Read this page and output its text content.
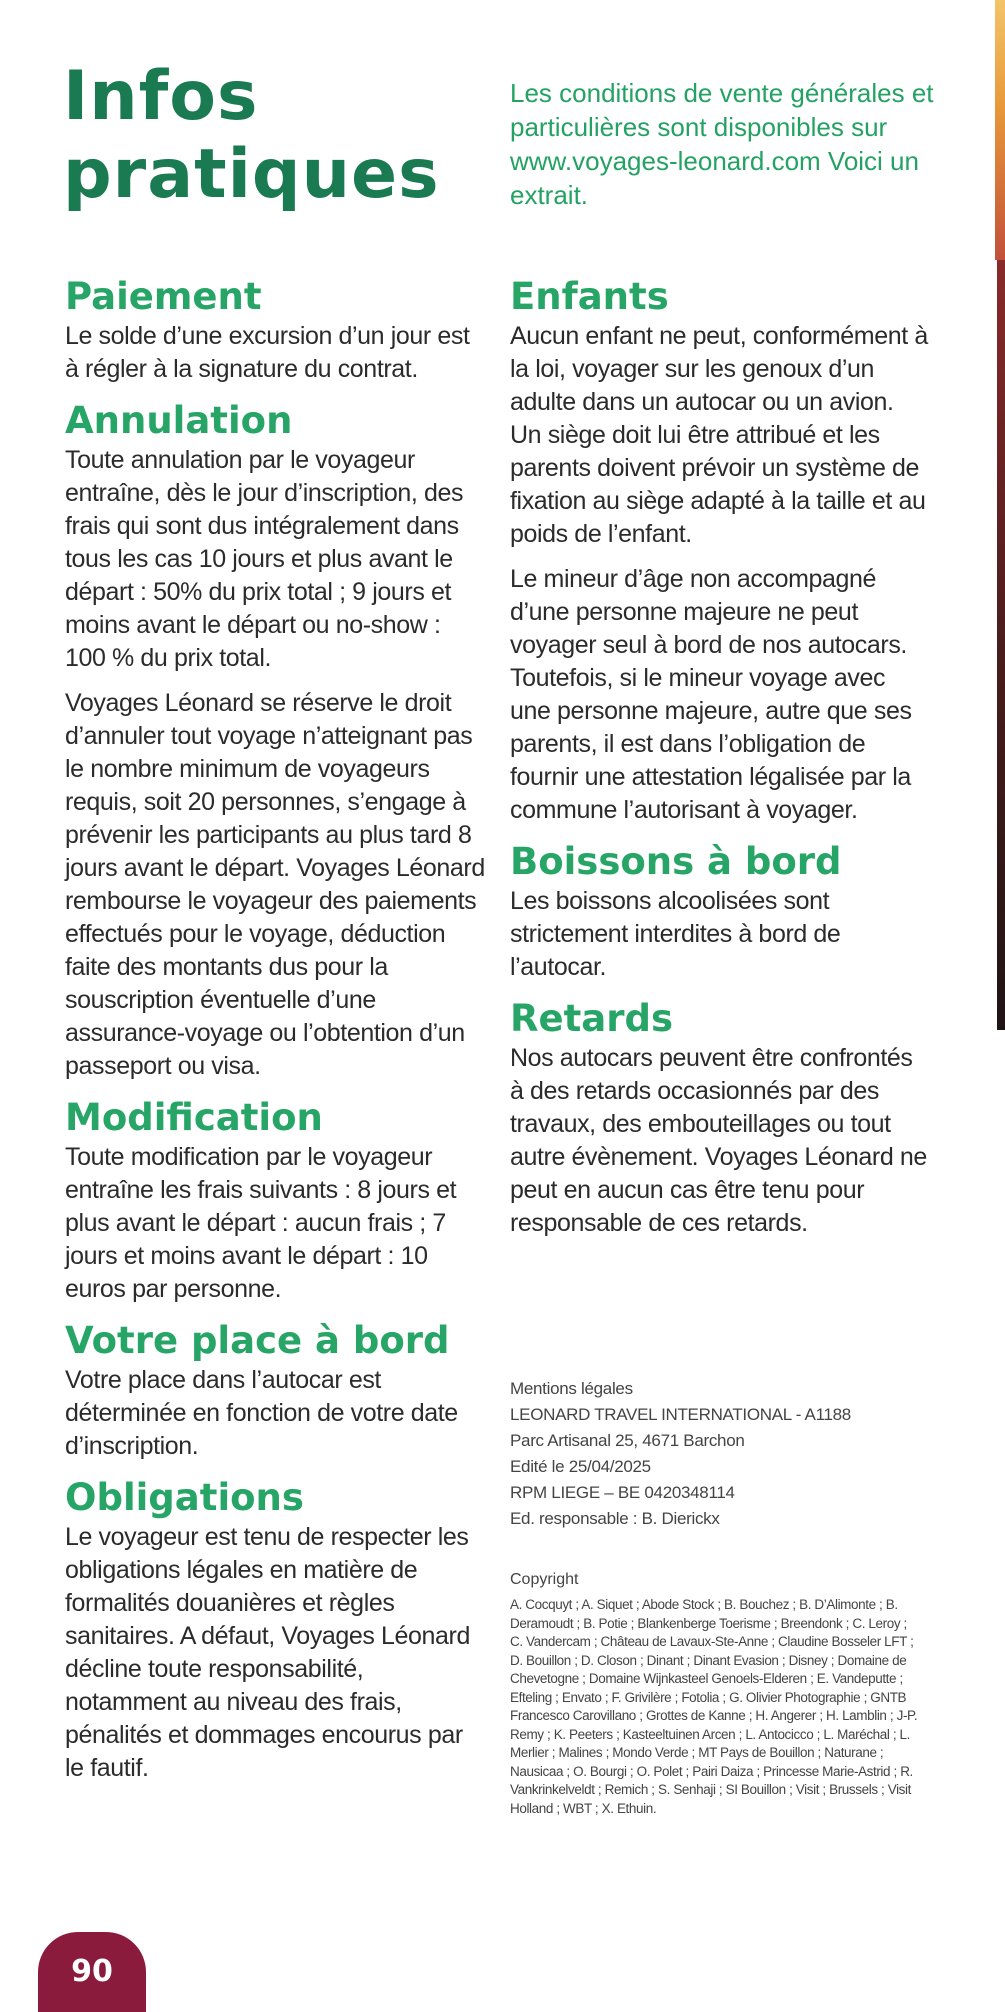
Infos
pratiques
Les conditions de vente générales et particulières sont disponibles sur www.voyages-leonard.com Voici un extrait.
Paiement

Le solde d’une excursion d’un jour est à régler à la signature du contrat.

Annulation

Toute annulation par le voyageur entraîne, dès le jour d’inscription, des frais qui sont dus intégralement dans tous les cas 10 jours et plus avant le départ : 50% du prix total ; 9 jours et moins avant le départ ou no-show : 100 % du prix total.

Voyages Léonard se réserve le droit d’annuler tout voyage n’atteignant pas le nombre minimum de voyageurs requis, soit 20 personnes, s’engage à prévenir les participants au plus tard 8 jours avant le départ. Voyages Léonard rembourse le voyageur des paiements effectués pour le voyage, déduction faite des montants dus pour la souscription éventuelle d’une assurance-voyage ou l’obtention d’un passeport ou visa.

Modification

Toute modification par le voyageur entraîne les frais suivants : 8 jours et plus avant le départ : aucun frais ; 7 jours et moins avant le départ : 10 euros par personne.

Votre place à bord

Votre place dans l’autocar est déterminée en fonction de votre date d’inscription.

Obligations

Le voyageur est tenu de respecter les obligations légales en matière de formalités douanières et règles sanitaires. A défaut, Voyages Léonard décline toute responsabilité, notamment au niveau des frais, pénalités et dommages encourus par le fautif.

Enfants

Aucun enfant ne peut, conformément à la loi, voyager sur les genoux d’un adulte dans un autocar ou un avion. Un siège doit lui être attribué et les parents doivent prévoir un système de fixation au siège adapté à la taille et au poids de l’enfant.

Le mineur d’âge non accompagné d’une personne majeure ne peut voyager seul à bord de nos autocars. Toutefois, si le mineur voyage avec une personne majeure, autre que ses parents, il est dans l’obligation de fournir une attestation légalisée par la commune l’autorisant à voyager.

Boissons à bord

Les boissons alcoolisées sont strictement interdites à bord de l’autocar.

Retards

Nos autocars peuvent être confrontés à des retards occasionnés par des travaux, des embouteillages ou tout autre évènement. Voyages Léonard ne peut en aucun cas être tenu pour responsable de ces retards.

Mentions légales
LEONARD TRAVEL INTERNATIONAL - A1188
Parc Artisanal 25, 4671 Barchon
Edité le 25/04/2025
RPM LIEGE – BE 0420348114
Ed. responsable : B. Dierickx
Copyright
A. Cocquyt ; A. Siquet ; Abode Stock ; B. Bouchez ; B. D’Alimonte ; B. Deramoudt ; B. Potie ; Blankenberge Toerisme ; Breendonk ; C. Leroy ; C. Vandercam ; Château de Lavaux-Ste-Anne ; Claudine Bosseler LFT ; D. Bouillon ; D. Closon ; Dinant ; Dinant Evasion ; Disney ; Domaine de Chevetogne ; Domaine Wijnkasteel Genoels-Elderen ; E. Vandeputte ; Efteling ; Envato ; F. Grivilère ; Fotolia ; G. Olivier Photographie ; GNTB Francesco Carovillano ; Grottes de Kanne ; H. Angerer ; H. Lamblin ; J-P. Remy ; K. Peeters ; Kasteeltuinen Arcen ; L. Antocicco ; L. Maréchal ; L. Merlier ; Malines ; Mondo Verde ; MT Pays de Bouillon ; Naturane ; Nausicaa ; O. Bourgi ; O. Polet ; Pairi Daiza ; Princesse Marie-Astrid ; R. Vankrinkelveldt ; Remich ; S. Senhaji ; SI Bouillon ; Visit ; Brussels ; Visit Holland ; WBT ; X. Ethuin.
90
